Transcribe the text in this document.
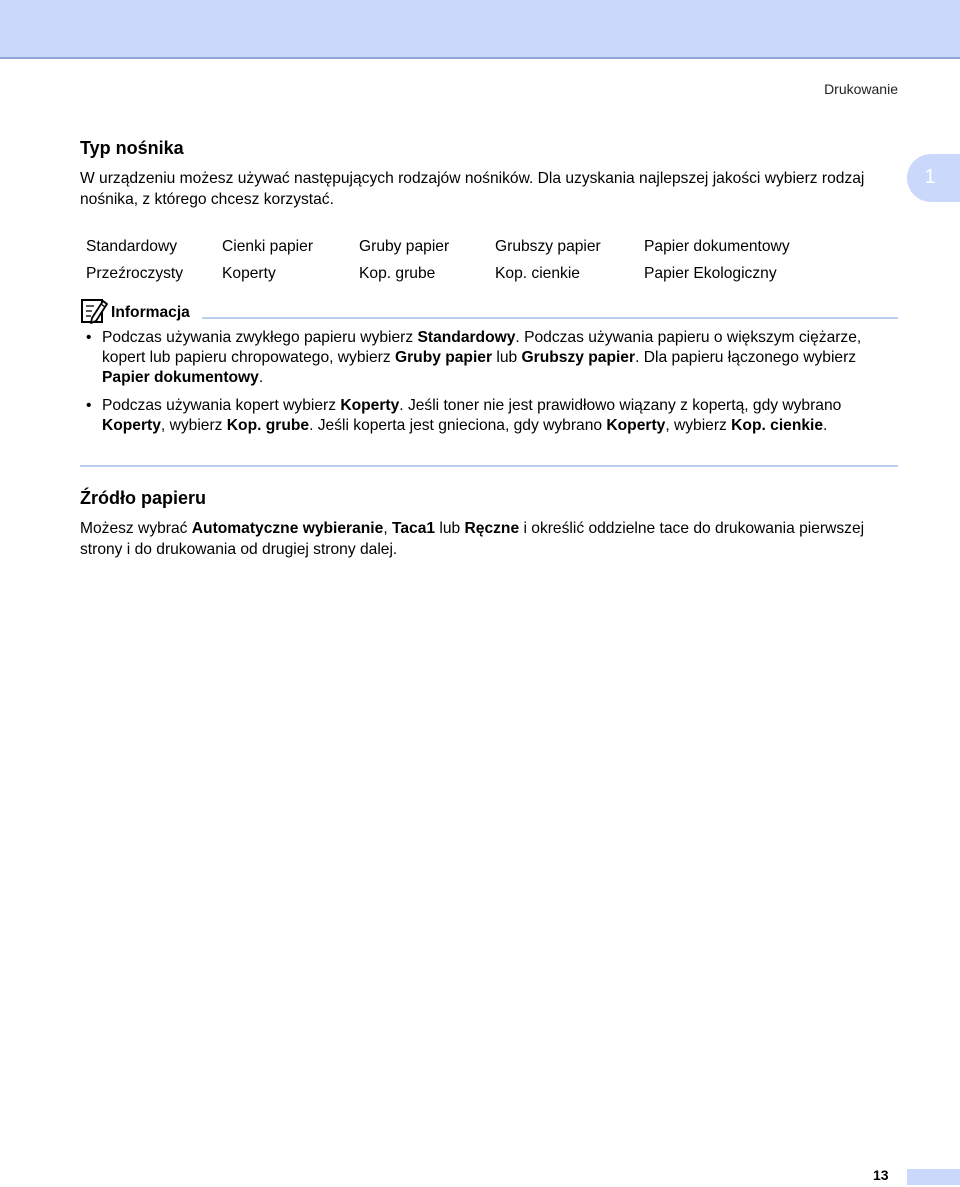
Drukowanie
1
Typ nośnika

W urządzeniu możesz używać następujących rodzajów nośników. Dla uzyskania najlepszej jakości wybierz rodzaj nośnika, z którego chcesz korzystać.

Standardowy	Cienki papier	Gruby papier	Grubszy papier	Papier dokumentowy
Przeźroczysty	Koperty	Kop. grube	Kop. cienkie	Papier Ekologiczny
Informacja
• Podczas używania zwykłego papieru wybierz Standardowy. Podczas używania papieru o większym ciężarze, kopert lub papieru chropowatego, wybierz Gruby papier lub Grubszy papier. Dla papieru łączonego wybierz Papier dokumentowy.
• Podczas używania kopert wybierz Koperty. Jeśli toner nie jest prawidłowo wiązany z kopertą, gdy wybrano Koperty, wybierz Kop. grube. Jeśli koperta jest gnieciona, gdy wybrano Koperty, wybierz Kop. cienkie.
Źródło papieru

Możesz wybrać Automatyczne wybieranie, Taca1 lub Ręczne i określić oddzielne tace do drukowania pierwszej strony i do drukowania od drugiej strony dalej.

13
